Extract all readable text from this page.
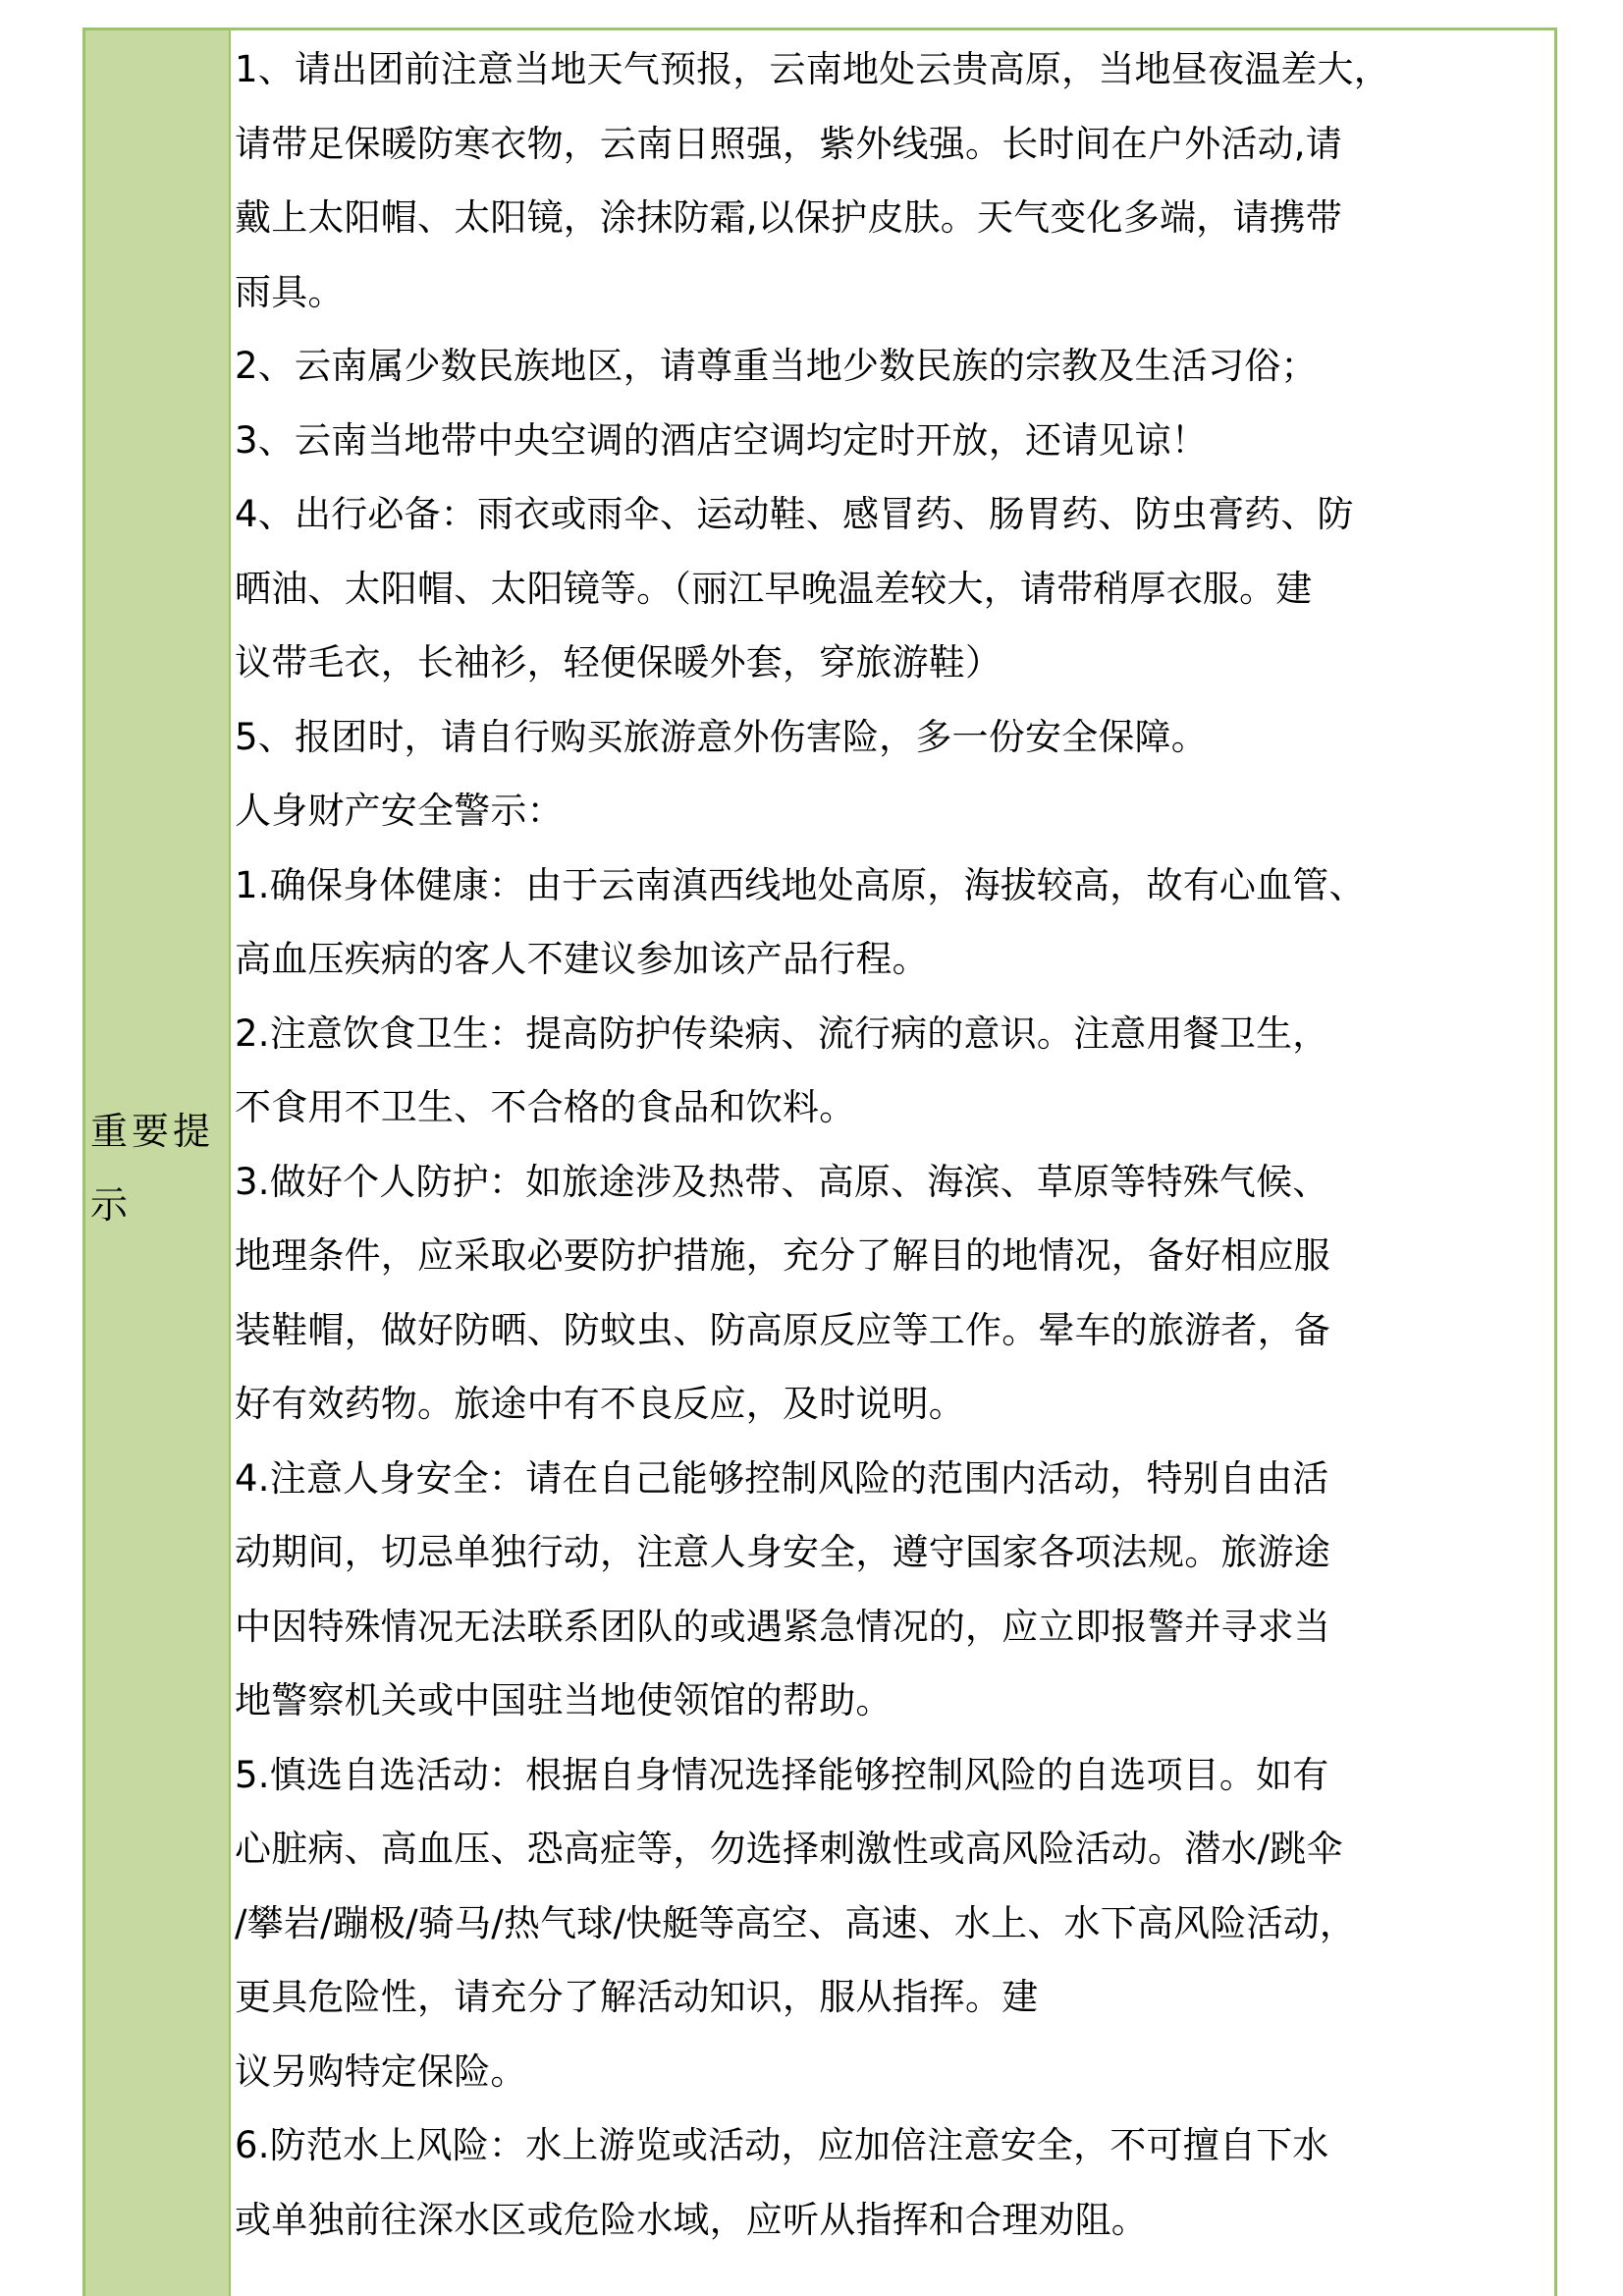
重要提示
1、请出团前注意当地天气预报，云南地处云贵高原，当地昼夜温差大，
请带足保暖防寒衣物，云南日照强，紫外线强。长时间在户外活动,请
戴上太阳帽、太阳镜，涂抹防霜,以保护皮肤。天气变化多端，请携带
雨具。
2、云南属少数民族地区，请尊重当地少数民族的宗教及生活习俗；
3、云南当地带中央空调的酒店空调均定时开放，还请见谅！
4、出行必备：雨衣或雨伞、运动鞋、感冒药、肠胃药、防虫膏药、防
晒油、太阳帽、太阳镜等。（丽江早晚温差较大，请带稍厚衣服。建
议带毛衣，长袖衫，轻便保暖外套，穿旅游鞋）
5、报团时，请自行购买旅游意外伤害险，多一份安全保障。
人身财产安全警示：
1.确保身体健康：由于云南滇西线地处高原，海拔较高，故有心血管、
高血压疾病的客人不建议参加该产品行程。
2.注意饮食卫生：提高防护传染病、流行病的意识。注意用餐卫生，
不食用不卫生、不合格的食品和饮料。
3.做好个人防护：如旅途涉及热带、高原、海滨、草原等特殊气候、
地理条件，应采取必要防护措施，充分了解目的地情况，备好相应服
装鞋帽，做好防晒、防蚊虫、防高原反应等工作。晕车的旅游者，备
好有效药物。旅途中有不良反应，及时说明。
4.注意人身安全：请在自己能够控制风险的范围内活动，特别自由活
动期间，切忌单独行动，注意人身安全，遵守国家各项法规。旅游途
中因特殊情况无法联系团队的或遇紧急情况的，应立即报警并寻求当
地警察机关或中国驻当地使领馆的帮助。
5.慎选自选活动：根据自身情况选择能够控制风险的自选项目。如有
心脏病、高血压、恐高症等，勿选择刺激性或高风险活动。潜水/跳伞
/攀岩/蹦极/骑马/热气球/快艇等高空、高速、水上、水下高风险活动，
更具危险性，请充分了解活动知识，服从指挥。建
议另购特定保险。
6.防范水上风险：水上游览或活动，应加倍注意安全，不可擅自下水
或单独前往深水区或危险水域，应听从指挥和合理劝阻。
